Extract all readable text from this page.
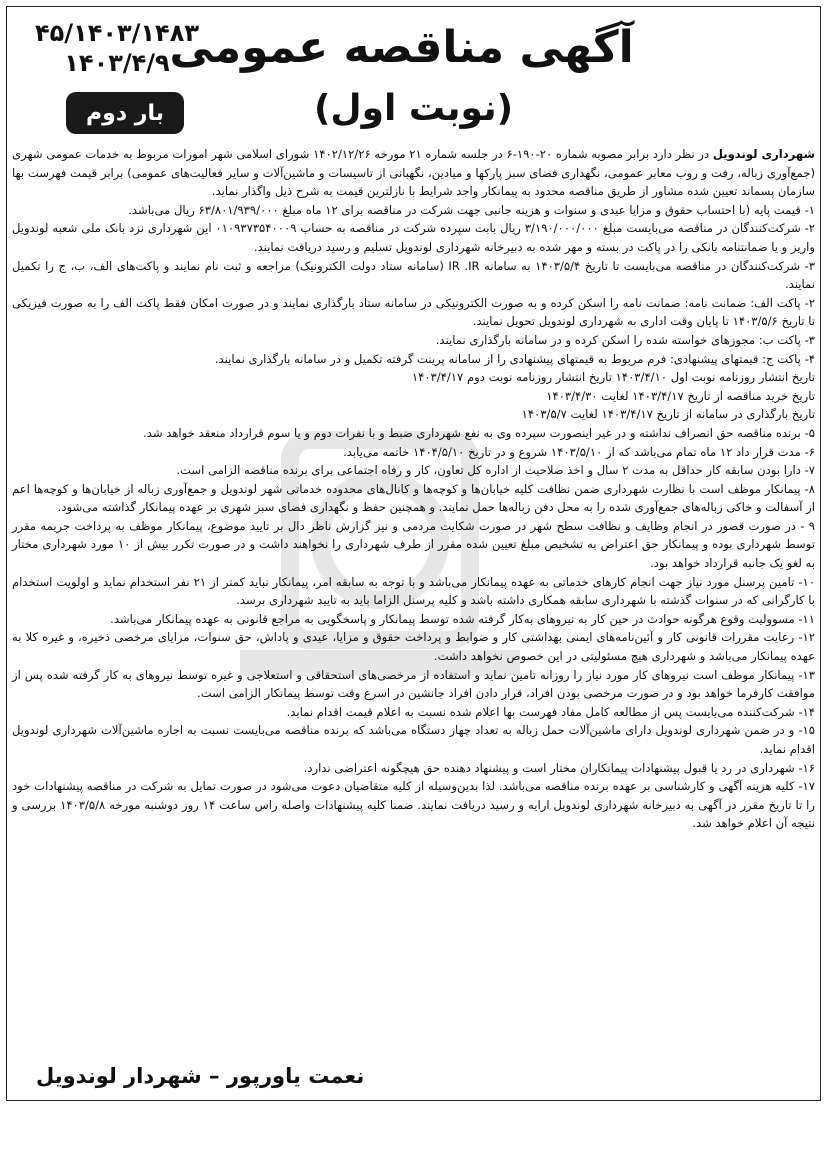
آگهی مناقصه عمومی
(نوبت اول)
۴۵/۱۴۰۳/۱۴۸۳
۱۴۰۳/۴/۹
بار دوم

شهرداری لوندویل در نظر دارد برابر مصوبه شماره ۲۰-۱۹۰-۶ در جلسه شماره ۲۱ مورخه ۱۴۰۲/۱۲/۲۶ شورای اسلامی شهر امورات مربوط به خدمات عمومی شهری (جمع‌آوری زباله، رفت و روب معابر عمومی، نگهداری فضای سبز پارکها و میادین، نگهبانی از تاسیسات و ماشین‌آلات و سایر فعالیت‌های عمومی) برابر قیمت فهرست بها سازمان پسماند تعیین شده مشاور از طریق مناقصه محدود به پیمانکار واجد شرایط با نازلترین قیمت به شرح ذیل واگذار نماید.

۱- قیمت پایه (با احتساب حقوق و مزایا عیدی و سنوات و هزینه جانبی جهت شرکت در مناقصه برای ۱۲ ماه مبلغ ۶۳/۸۰۱/۹۳۹/۰۰۰ ریال می‌باشد.

۲- شرکت‌کنندگان در مناقصه می‌بایست مبلغ ۳/۱۹۰/۰۰۰/۰۰۰ ریال بابت سپرده شرکت در مناقصه به حساب ۰۱۰۹۳۷۳۵۴۰۰۰۹ این شهرداری نزد بانک ملی شعبه لوندویل واریز و یا ضمانتنامه بانکی را در پاکت در بسته و مهر شده به دبیرخانه شهرداری لوندویل تسلیم و رسید دریافت نمایند.

۳- شرکت‌کنندگان در مناقصه می‌بایست تا تاریخ ۱۴۰۳/۵/۴ به سامانه IR .IR (سامانه ستاد دولت الکترونیک) مراجعه و ثبت نام نمایند و پاکت‌های الف، ب، ج را تکمیل نمایند.

۲- پاکت الف: ضمانت نامه: ضمانت نامه را اسکن کرده و به صورت الکترونیکی در سامانه ستاد بارگذاری نمایند و در صورت امکان فقط پاکت الف را به صورت فیزیکی تا تاریخ ۱۴۰۳/۵/۶ تا پایان وقت اداری به شهرداری لوندویل تحویل نمایند.

۳- پاکت ب: مجوزهای خواسته شده را اسکن کرده و در سامانه بارگذاری نمایند.

۴- پاکت ج: قیمتهای پیشنهادی: فرم مربوط به قیمتهای پیشنهادی را از سامانه پرینت گرفته تکمیل و در سامانه بارگذاری نمایند.

تاریخ انتشار روزنامه نوبت اول ۱۴۰۳/۴/۱۰ تاریخ انتشار روزنامه نوبت دوم ۱۴۰۳/۴/۱۷

تاریخ خرید مناقصه از تاریخ ۱۴۰۳/۴/۱۷ لغایت ۱۴۰۳/۴/۳۰

تاریخ بارگذاری در سامانه از تاریخ ۱۴۰۳/۴/۱۷ لغایت ۱۴۰۳/۵/۷

۵- برنده مناقصه حق انصراف نداشته و در غیر اینصورت سپرده وی به نفع شهرداری ضبط و با نفرات دوم و یا سوم قرارداد منعقد خواهد شد.

۶- مدت قرار داد ۱۲ ماه تمام می‌باشد که از ۱۴۰۳/۵/۱۰ شروع و در تاریخ ۱۴۰۴/۵/۱۰ خاتمه می‌یابد.

۷- دارا بودن سابقه کار حداقل به مدت ۲ سال و اخذ صلاحیت از اداره کل تعاون، کار و رفاه اجتماعی برای برنده مناقصه الزامی است.

۸- پیمانکار موظف است با نظارت شهرداری ضمن نظافت کلیه خیابان‌ها و کوچه‌ها و کانال‌های محدوده خدماتی شهر لوندویل و جمع‌آوری زباله از خیابان‌ها و کوچه‌ها اعم از آسفالت و خاکی زباله‌های جمع‌آوری شده را به محل دفن زباله‌ها حمل نمایند. و همچنین حفظ و نگهداری فضای سبز شهری بر عهده پیمانکار گذاشته می‌شود.

۹ - در صورت قصور در انجام وظایف و نظافت سطح شهر در صورت شکایت مردمی و نیز گزارش ناظر دال بر تایید موضوع، پیمانکار موظف به پرداخت جریمه مقرر توسط شهرداری بوده و پیمانکار حق اعتراض به تشخیص مبلغ تعیین شده مقرر از طرف شهرداری را نخواهند داشت و در صورت تکرر بیش از ۱۰ مورد شهرداری مختار به لغو یک جانبه قرارداد خواهد بود.

۱۰- تامین پرسنل مورد نیاز جهت انجام کارهای خدماتی به عهده پیمانکار می‌باشد و با توجه به سابقه امر، پیمانکار نباید کمتر از ۲۱ نفر استخدام نماید و اولویت استخدام با کارگرانی که در سنوات گذشته با شهرداری سابقه همکاری داشته باشد و کلیه پرسنل الزاما باید به تایید شهرداری برسد.

۱۱- مسوولیت وقوع هرگونه حوادث در حین کار به نیروهای به‌کار گرفته شده توسط پیمانکار و پاسخگویی به مراجع قانونی به عهده پیمانکار می‌باشد.

۱۲- رعایت مقررات قانونی کار و آئین‌نامه‌های ایمنی بهداشتی کار و ضوابط و پرداخت حقوق و مزایا، عیدی و پاداش، حق سنوات، مزایای مرخصی ذخیره، و غیره کلا به عهده پیمانکار می‌باشد و شهرداری هیچ مسئولیتی در این خصوص نخواهد داشت.

۱۳- پیمانکار موظف است نیروهای کار مورد نیاز را روزانه تامین نماید و استفاده از مرخصی‌های استحقاقی و استعلاجی و غیره توسط نیروهای به کار گرفته شده پس از موافقت کارفرما خواهد بود و در صورت مرخصی بودن افراد، قرار دادن افراد جانشین در اسرع وقت توسط پیمانکار الزامی است.

۱۴- شرکت‌کننده می‌بایست پس از مطالعه کامل مفاد فهرست بها اعلام شده نسبت به اعلام قیمت اقدام نماید.

۱۵- و در ضمن شهرداری لوندویل دارای ماشین‌آلات حمل زباله به تعداد چهار دستگاه می‌باشد که برنده مناقصه می‌بایست نسبت به اجاره ماشین‌آلات شهرداری لوندویل اقدام نماید.

۱۶- شهرداری در رد یا قبول پیشنهادات پیمانکاران مختار است و پیشنهاد دهنده حق هیچگونه اعتراضی ندارد.

۱۷- کلیه هزینه آگهی و کارشناسی بر عهده برنده مناقصه می‌باشد. لذا بدین‌وسیله از کلیه متقاضیان دعوت می‌شود در صورت تمایل به شرکت در مناقصه پیشنهادات خود را تا تاریخ مقرر در آگهی به دبیرخانه شهرداری لوندویل ارایه و رسید دریافت نمایند. ضمنا کلیه پیشنهادات واصله راس ساعت ۱۴ روز دوشنبه مورخه ۱۴۰۳/۵/۸ بررسی و نتیجه آن اعلام خواهد شد.

نعمت یاورپور – شهردار لوندویل
